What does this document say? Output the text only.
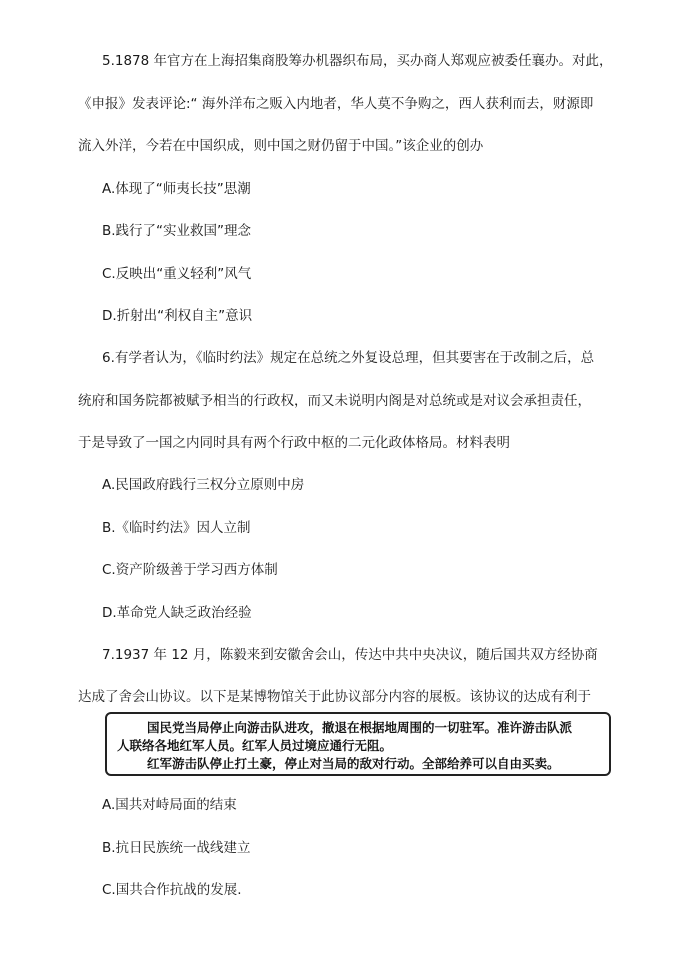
5.1878 年官方在上海招集商股筹办机器织布局，买办商人郑观应被委任襄办。对此，
《申报》发表评论:“ 海外洋布之贩入内地者，华人莫不争购之，西人获利而去，财源即
流入外洋，今若在中国织成，则中国之财仍留于中国。”该企业的创办
A.体现了“师夷长技”思潮
B.践行了“实业救国”理念
C.反映出“重义轻利”风气
D.折射出“利权自主”意识
6.有学者认为，《临时约法》规定在总统之外复设总理，但其要害在于改制之后，总
统府和国务院都被赋予相当的行政权，而又未说明内阁是对总统或是对议会承担责任，
于是导致了一国之内同时具有两个行政中枢的二元化政体格局。材料表明
A.民国政府践行三权分立原则中房
B.《临时约法》因人立制
C.资产阶级善于学习西方体制
D.革命党人缺乏政治经验
7.1937 年 12 月，陈毅来到安徽舍会山，传达中共中央决议，随后国共双方经协商
达成了舍会山协议。以下是某博物馆关于此协议部分内容的展板。该协议的达成有利于
国民党当局停止向游击队进攻，撤退在根据地周围的一切驻军。准许游击队派
人联络各地红军人员。红军人员过境应通行无阻。
红军游击队停止打土豪，停止对当局的敌对行动。全部给养可以自由买卖。
A.国共对峙局面的结束
B.抗日民族统一战线建立
C.国共合作抗战的发展.
